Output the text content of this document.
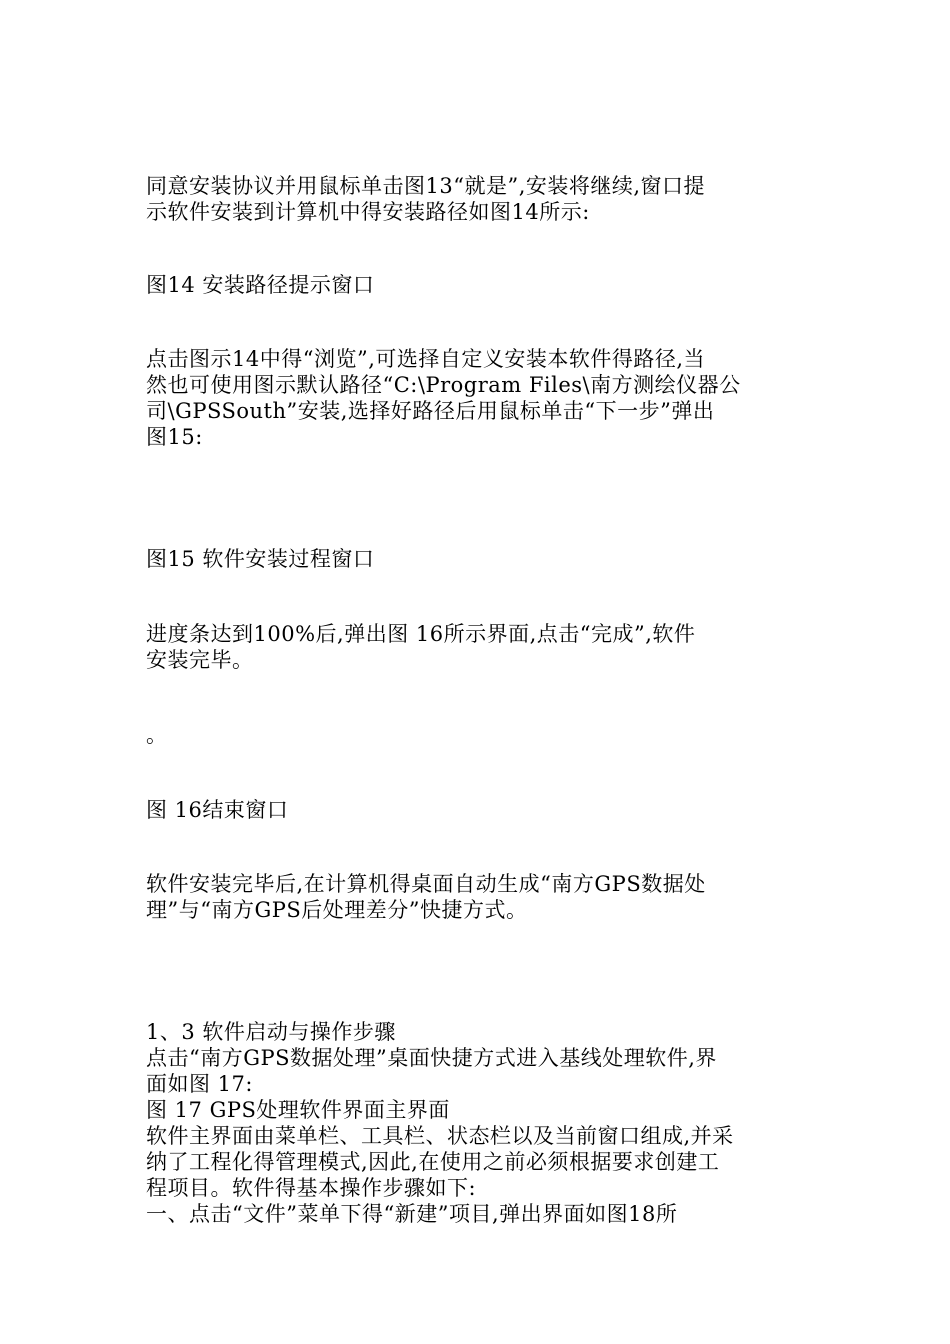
同意安装协议并用鼠标单击图13“就是”,安装将继续,窗口提
示软件安装到计算机中得安装路径如图14所示:

图14 安装路径提示窗口

点击图示14中得“浏览”,可选择自定义安装本软件得路径,当
然也可使用图示默认路径“C:\Program Files\南方测绘仪器公
司\GPSSouth”安装,选择好路径后用鼠标单击“下一步”弹出
图15:

图15 软件安装过程窗口

进度条达到100%后,弹出图 16所示界面,点击“完成”,软件
安装完毕。

。

图 16结束窗口

软件安装完毕后,在计算机得桌面自动生成“南方GPS数据处
理”与“南方GPS后处理差分”快捷方式。

1、3 软件启动与操作步骤
点击“南方GPS数据处理”桌面快捷方式进入基线处理软件,界
面如图 17:
图 17 GPS处理软件界面主界面
软件主界面由菜单栏、工具栏、状态栏以及当前窗口组成,并采
纳了工程化得管理模式,因此,在使用之前必须根据要求创建工
程项目。软件得基本操作步骤如下:
一、点击“文件”菜单下得“新建”项目,弹出界面如图18所
